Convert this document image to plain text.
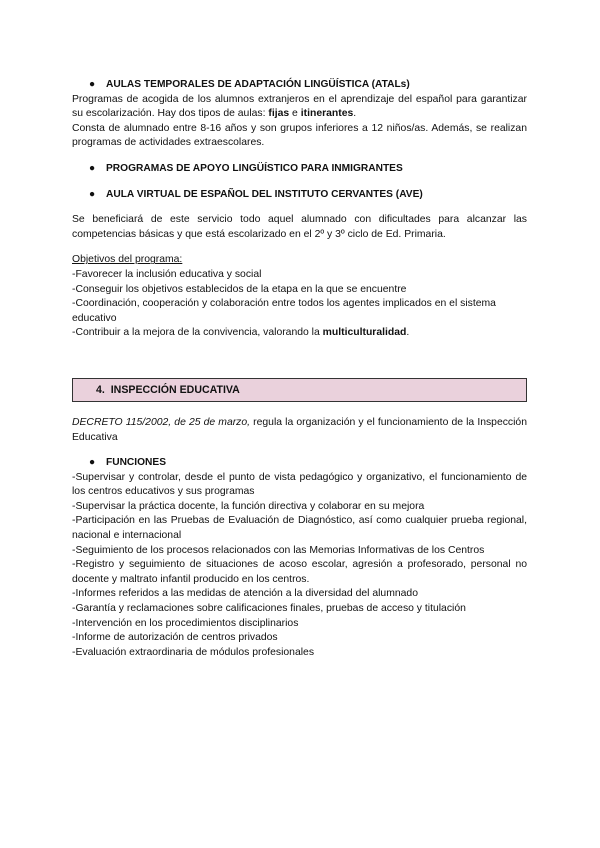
● AULAS TEMPORALES DE ADAPTACIÓN LINGÜÍSTICA (ATALs)
Programas de acogida de los alumnos extranjeros en el aprendizaje del español para garantizar su escolarización. Hay dos tipos de aulas: fijas e itinerantes.
Consta de alumnado entre 8-16 años y son grupos inferiores a 12 niños/as. Además, se realizan programas de actividades extraescolares.
● PROGRAMAS DE APOYO LINGÜÍSTICO PARA INMIGRANTES
● AULA VIRTUAL DE ESPAÑOL DEL INSTITUTO CERVANTES (AVE)
Se beneficiará de este servicio todo aquel alumnado con dificultades para alcanzar las competencias básicas y que está escolarizado en el 2º y 3º ciclo de Ed. Primaria.
Objetivos del programa:
-Favorecer la inclusión educativa y social
-Conseguir los objetivos establecidos de la etapa en la que se encuentre
-Coordinación, cooperación y colaboración entre todos los agentes implicados en el sistema educativo
-Contribuir a la mejora de la convivencia, valorando la multiculturalidad.
4. INSPECCIÓN EDUCATIVA
DECRETO 115/2002, de 25 de marzo, regula la organización y el funcionamiento de la Inspección Educativa
● FUNCIONES
-Supervisar y controlar, desde el punto de vista pedagógico y organizativo, el funcionamiento de los centros educativos y sus programas
-Supervisar la práctica docente, la función directiva y colaborar en su mejora
-Participación en las Pruebas de Evaluación de Diagnóstico, así como cualquier prueba regional, nacional e internacional
-Seguimiento de los procesos relacionados con las Memorias Informativas de los Centros
-Registro y seguimiento de situaciones de acoso escolar, agresión a profesorado, personal no docente y maltrato infantil producido en los centros.
-Informes referidos a las medidas de atención a la diversidad del alumnado
-Garantía y reclamaciones sobre calificaciones finales, pruebas de acceso y titulación
-Intervención en los procedimientos disciplinarios
-Informe de autorización de centros privados
-Evaluación extraordinaria de módulos profesionales
